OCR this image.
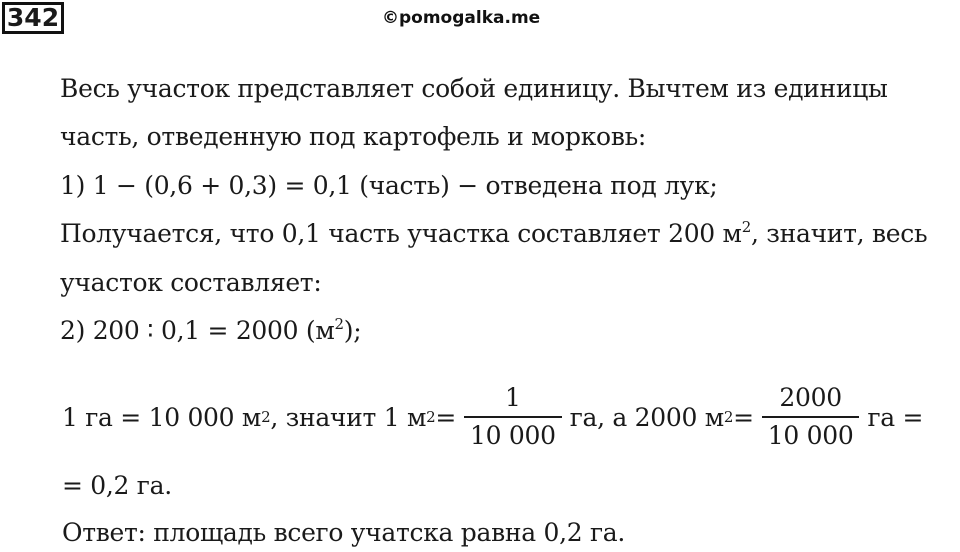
342	©pomogalka.me
Весь участок представляет собой единицу. Вычтем из единицы
часть, отведенную под картофель и морковь:
1) 1 − (0,6 + 0,3) = 0,1 (часть) − отведена под лук;
Получается, что 0,1 часть участка составляет 200 $м^2$, значит, весь
участок составляет:
2) 200 ∶ 0,1 = 2000 $(м^2)$;
1 га = 10 000 м 2 , значит 1 м $2 = \frac{1}{10 000}$ га, а 2000 м $2 = \frac{2000}{10 000}$ га =
= 0,2 га.
Ответ: площадь всего учатска равна 0,2 га.
